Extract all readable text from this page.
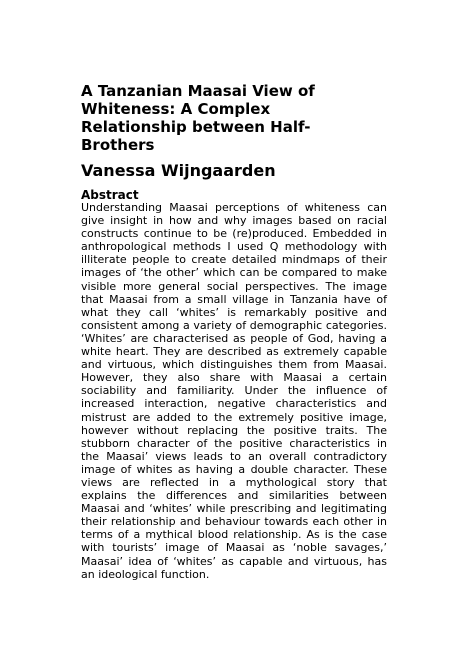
A Tanzanian Maasai View of Whiteness: A Complex Relationship between Half-Brothers
Vanessa Wijngaarden
Abstract

Understanding Maasai perceptions of whiteness can give insight in how and why images based on racial constructs continue to be (re)produced. Embedded in anthropological methods I used Q methodology with illiterate people to create detailed mindmaps of their images of ‘the other’ which can be compared to make visible more general social perspectives. The image that Maasai from a small village in Tanzania have of what they call ‘whites’ is remarkably positive and consistent among a variety of demographic categories. ‘Whites’ are characterised as people of God, having a white heart. They are described as extremely capable and virtuous, which distinguishes them from Maasai. However, they also share with Maasai a certain sociability and familiarity. Under the influence of increased interaction, negative characteristics and mistrust are added to the extremely positive image, however without replacing the positive traits. The stubborn character of the positive characteristics in the Maasai’ views leads to an overall contradictory image of whites as having a double character. These views are reflected in a mythological story that explains the differences and similarities between Maasai and ‘whites’ while prescribing and legitimating their relationship and behaviour towards each other in terms of a mythical blood relationship. As is the case with tourists’ image of Maasai as ‘noble savages,’ Maasai’ idea of ‘whites’ as capable and virtuous, has an ideological function.
